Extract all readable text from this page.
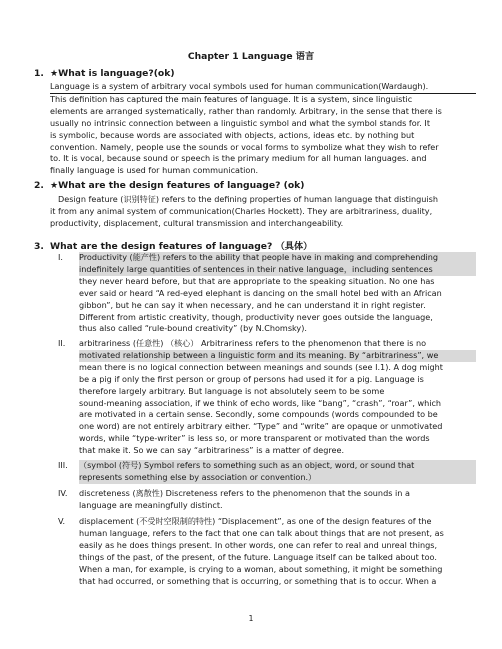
Chapter 1 Language 语言
1. ★What is language?(ok)
Language is a system of arbitrary vocal symbols used for human communication(Wardaugh).
This definition has captured the main features of language. It is a system, since linguistic
elements are arranged systematically, rather than randomly. Arbitrary, in the sense that there is
usually no intrinsic connection between a linguistic symbol and what the symbol stands for. It
is symbolic, because words are associated with objects, actions, ideas etc. by nothing but
convention. Namely, people use the sounds or vocal forms to symbolize what they wish to refer
to. It is vocal, because sound or speech is the primary medium for all human languages. and
finally language is used for human communication.
2. ★What are the design features of language? (ok)
Design feature (识别特征) refers to the defining properties of human language that distinguish
it from any animal system of communication(Charles Hockett). They are arbitrariness, duality,
productivity, displacement, cultural transmission and interchangeability.
3. What are the design features of language? （具体）
I. Productivity (能产性) refers to the ability that people have in making and comprehending
indefinitely large quantities of sentences in their native language，including sentences
they never heard before, but that are appropriate to the speaking situation. No one has
ever said or heard “A red-eyed elephant is dancing on the small hotel bed with an African
gibbon”, but he can say it when necessary, and he can understand it in right register.
Different from artistic creativity, though, productivity never goes outside the language,
thus also called “rule-bound creativity” (by N.Chomsky).
II. arbitrariness (任意性) （核心） Arbitrariness refers to the phenomenon that there is no
motivated relationship between a linguistic form and its meaning. By “arbitrariness”, we
mean there is no logical connection between meanings and sounds (see I.1). A dog might
be a pig if only the first person or group of persons had used it for a pig. Language is
therefore largely arbitrary. But language is not absolutely seem to be some
sound-meaning association, if we think of echo words, like “bang”, “crash”, “roar”, which
are motivated in a certain sense. Secondly, some compounds (words compounded to be
one word) are not entirely arbitrary either. “Type” and “write” are opaque or unmotivated
words, while “type-writer” is less so, or more transparent or motivated than the words
that make it. So we can say “arbitrariness” is a matter of degree.
III. （symbol (符号) Symbol refers to something such as an object, word, or sound that
represents something else by association or convention.）
IV. discreteness (离散性) Discreteness refers to the phenomenon that the sounds in a
language are meaningfully distinct.
V. displacement (不受时空限制的特性) “Displacement”, as one of the design features of the
human language, refers to the fact that one can talk about things that are not present, as
easily as he does things present. In other words, one can refer to real and unreal things,
things of the past, of the present, of the future. Language itself can be talked about too.
When a man, for example, is crying to a woman, about something, it might be something
that had occurred, or something that is occurring, or something that is to occur. When a
1
